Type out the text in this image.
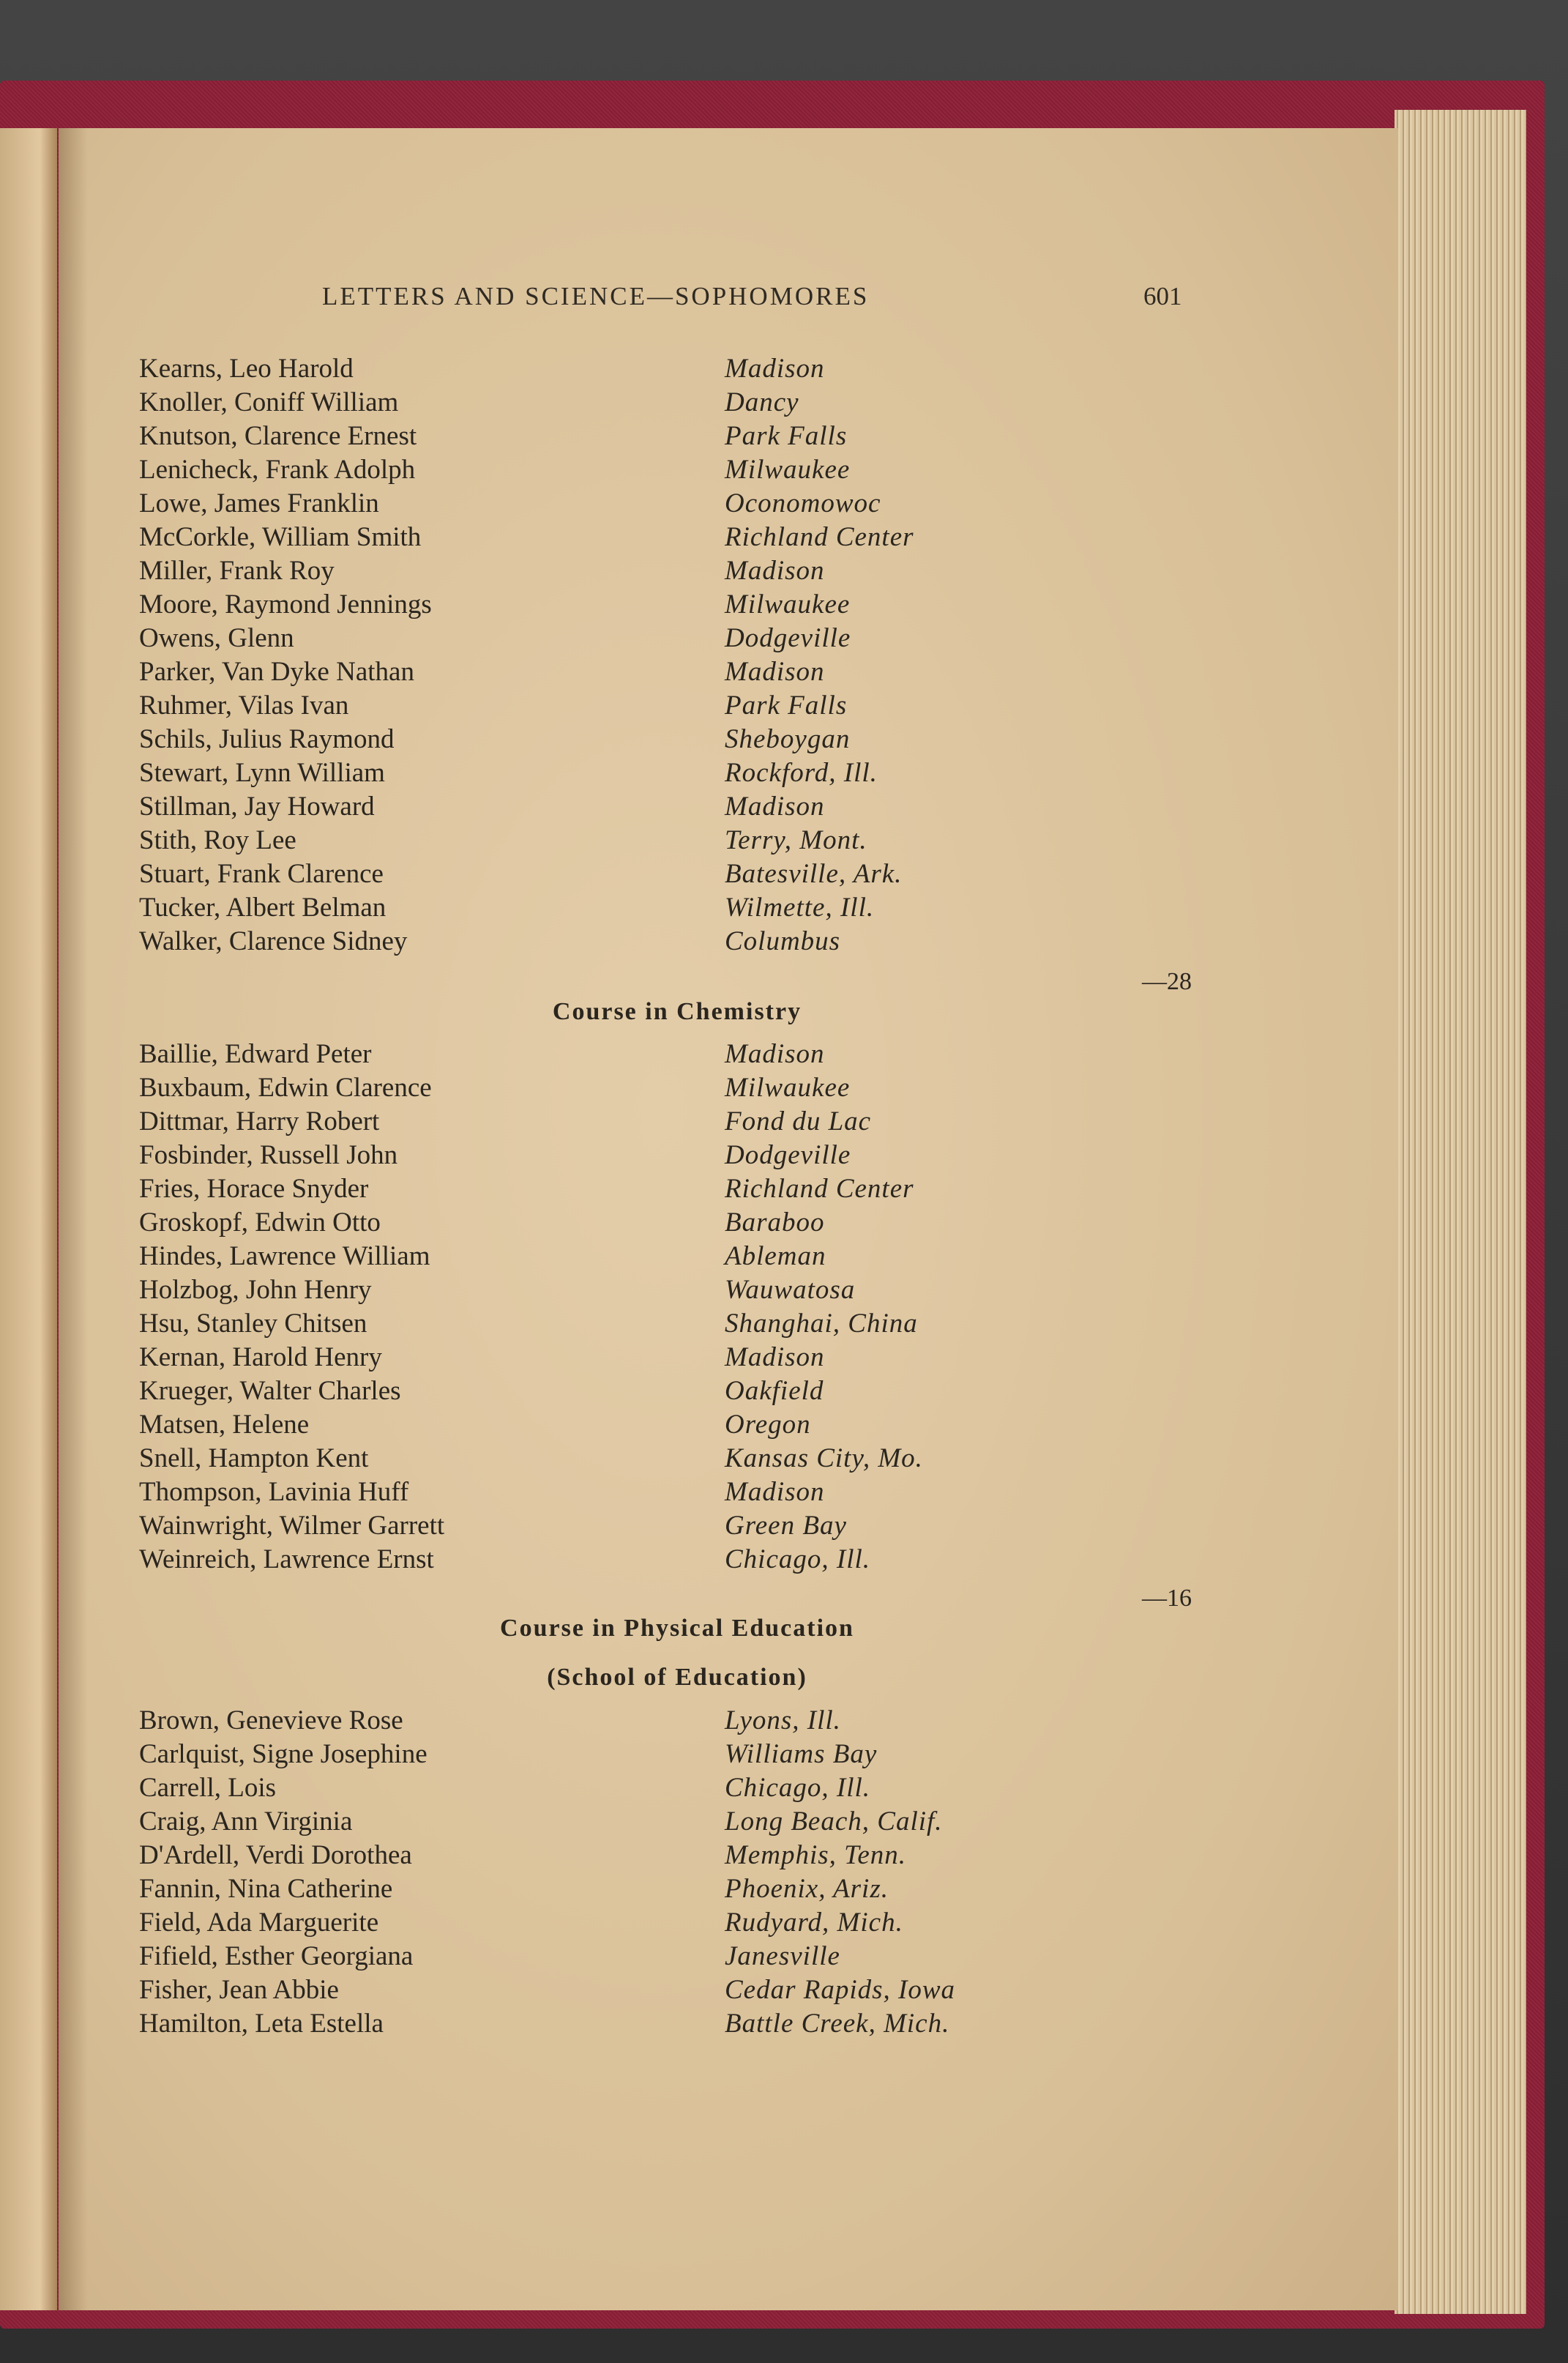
LETTERS AND SCIENCE—SOPHOMORES	601
Kearns, Leo Harold	Madison
Knoller, Coniff William	Dancy
Knutson, Clarence Ernest	Park Falls
Lenicheck, Frank Adolph	Milwaukee
Lowe, James Franklin	Oconomowoc
McCorkle, William Smith	Richland Center
Miller, Frank Roy	Madison
Moore, Raymond Jennings	Milwaukee
Owens, Glenn	Dodgeville
Parker, Van Dyke Nathan	Madison
Ruhmer, Vilas Ivan	Park Falls
Schils, Julius Raymond	Sheboygan
Stewart, Lynn William	Rockford, Ill.
Stillman, Jay Howard	Madison
Stith, Roy Lee	Terry, Mont.
Stuart, Frank Clarence	Batesville, Ark.
Tucker, Albert Belman	Wilmette, Ill.
Walker, Clarence Sidney	Columbus
—28
Course in Chemistry
Baillie, Edward Peter	Madison
Buxbaum, Edwin Clarence	Milwaukee
Dittmar, Harry Robert	Fond du Lac
Fosbinder, Russell John	Dodgeville
Fries, Horace Snyder	Richland Center
Groskopf, Edwin Otto	Baraboo
Hindes, Lawrence William	Ableman
Holzbog, John Henry	Wauwatosa
Hsu, Stanley Chitsen	Shanghai, China
Kernan, Harold Henry	Madison
Krueger, Walter Charles	Oakfield
Matsen, Helene	Oregon
Snell, Hampton Kent	Kansas City, Mo.
Thompson, Lavinia Huff	Madison
Wainwright, Wilmer Garrett	Green Bay
Weinreich, Lawrence Ernst	Chicago, Ill.
—16
Course in Physical Education
(School of Education)
Brown, Genevieve Rose	Lyons, Ill.
Carlquist, Signe Josephine	Williams Bay
Carrell, Lois	Chicago, Ill.
Craig, Ann Virginia	Long Beach, Calif.
D'Ardell, Verdi Dorothea	Memphis, Tenn.
Fannin, Nina Catherine	Phoenix, Ariz.
Field, Ada Marguerite	Rudyard, Mich.
Fifield, Esther Georgiana	Janesville
Fisher, Jean Abbie	Cedar Rapids, Iowa
Hamilton, Leta Estella	Battle Creek, Mich.
